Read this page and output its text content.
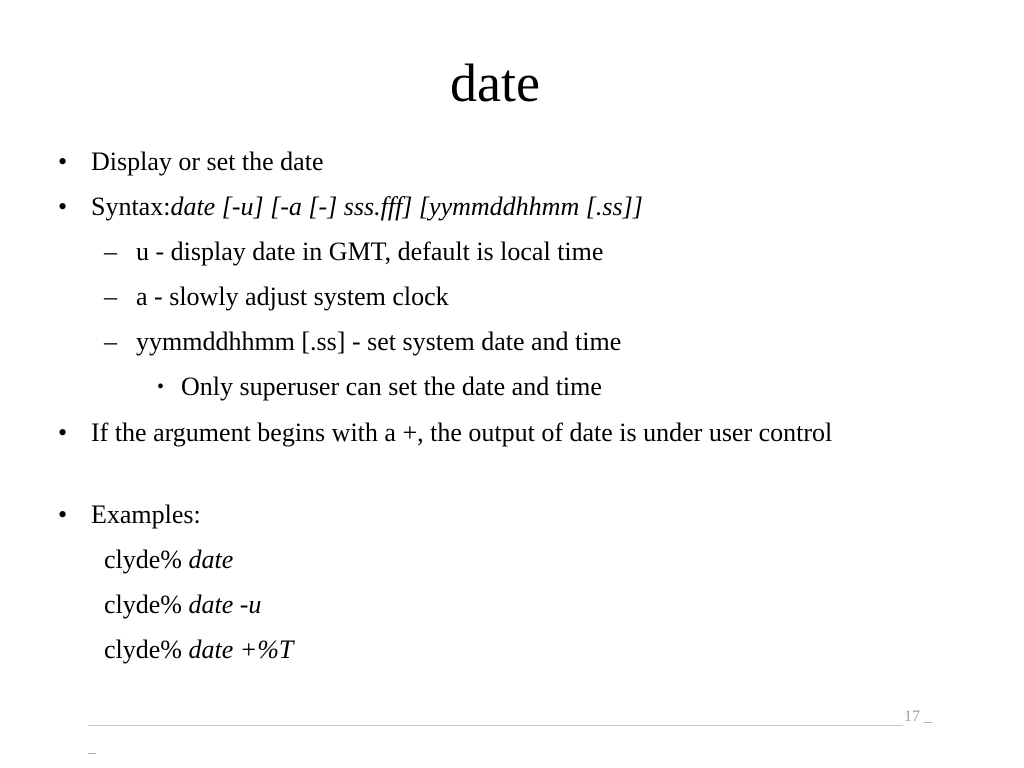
date
• Display or set the date
• Syntax:date [-u] [-a [-] sss.fff] [yymmddhhmm [.ss]]
– u - display date in GMT, default is local time
– a - slowly adjust system clock
– yymmddhhmm [.ss] - set system date and time
• Only superuser can set the date and time
• If the argument begins with a +, the output of date is under user control
• Examples:
clyde% date
clyde% date -u
clyde% date +%T
17 _
_
